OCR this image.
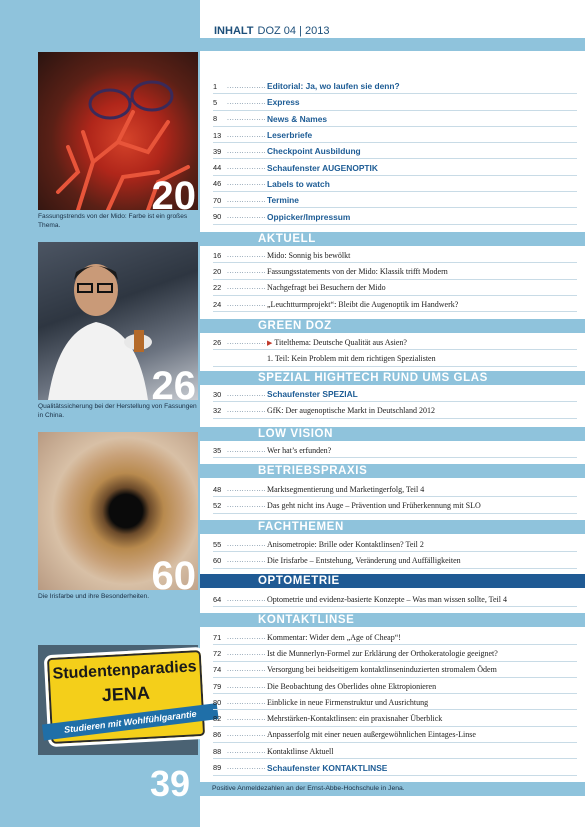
20
Fassungstrends von der Mido: Farbe ist ein großes Thema.
26
Qualitätssicherung bei der Herstellung von Fassungen in China.
60
Die Irisfarbe und ihre Besonderheiten.
Studentenparadies
JENA
Studieren mit Wohlfühlgarantie
39
INHALT DOZ 04 | 2013
1	................ Editorial: Ja, wo laufen sie denn?
5	................ Express
8	................ News & Names
13 ................ Leserbriefe
39 ................ Checkpoint Ausbildung
44 ................ Schaufenster AUGENOPTIK
46 ................ Labels to watch
70 ................ Termine
90 ................ Oppicker/Impressum
AKTUELL
16 ................ Mido: Sonnig bis bewölkt
20 ................ Fassungsstatements von der Mido: Klassik trifft Modern
22 ................ Nachgefragt bei Besuchern der Mido
24 ................ „Leuchtturmprojekt“: Bleibt die Augenoptik im Handwerk?
GREEN DOZ
26 ................ ▶ Titelthema: Deutsche Qualität aus Asien?
1. Teil: Kein Problem mit dem richtigen Spezialisten
SPEZIAL HIGHTECH RUND UMS GLAS
30 ................ Schaufenster SPEZIAL
32 ................ GfK: Der augenoptische Markt in Deutschland 2012
LOW VISION
35 ................ Wer hat’s erfunden?
BETRIEBSPRAXIS
48 ................ Marktsegmentierung und Marketingerfolg, Teil 4
52 ................ Das geht nicht ins Auge – Prävention und Früherkennung mit SLO
FACHTHEMEN
55 ................ Anisometropie: Brille oder Kontaktlinsen? Teil 2
60 ................ Die Irisfarbe – Entstehung, Veränderung und Auffälligkeiten
OPTOMETRIE
64 ................ Optometrie und evidenz-basierte Konzepte – Was man wissen sollte, Teil 4
KONTAKTLINSE
71 ................ Kommentar: Wider dem „Age of Cheap“!
72 ................ Ist die Munnerlyn-Formel zur Erklärung der Orthokeratologie geeignet?
74 ................ Versorgung bei beidseitigem kontaktlinseninduzierten stromalem Ödem
79 ................ Die Beobachtung des Oberlides ohne Ektropionieren
80 ................ Einblicke in neue Firmenstruktur und Ausrichtung
82 ................ Mehrstärken-Kontaktlinsen: ein praxisnaher Überblick
86 ................ Anpasserfolg mit einer neuen außergewöhnlichen Eintages-Linse
88 ................ Kontaktlinse Aktuell
89 ................ Schaufenster KONTAKTLINSE
Positive Anmeldezahlen an der Ernst-Abbe-Hochschule in Jena.
